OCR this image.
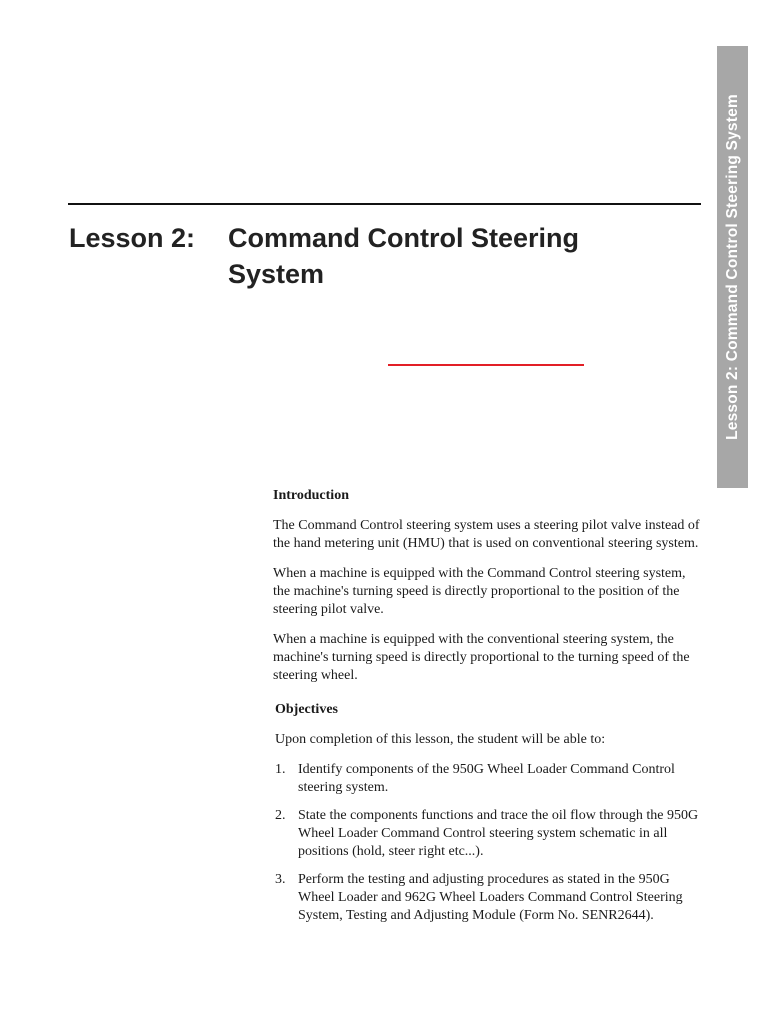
Lesson 2: Command Control Steering System
Lesson 2:	Command Control Steering System
Introduction

The Command Control steering system uses a steering pilot valve instead of the hand metering unit (HMU) that is used on conventional steering system.

When a machine is equipped with the Command Control steering system, the machine's turning speed is directly proportional to the position of the steering pilot valve.

When a machine is equipped with the conventional steering system, the machine's turning speed is directly proportional to the turning speed of the steering wheel.

Objectives

Upon completion of this lesson, the student will be able to:

1. Identify components of the 950G Wheel Loader Command Control steering system.
2. State the components functions and trace the oil flow through the 950G Wheel Loader Command Control steering system schematic in all positions (hold, steer right etc...).
3. Perform the testing and adjusting procedures as stated in the 950G Wheel Loader and 962G Wheel Loaders Command Control Steering System, Testing and Adjusting Module (Form No. SENR2644).
